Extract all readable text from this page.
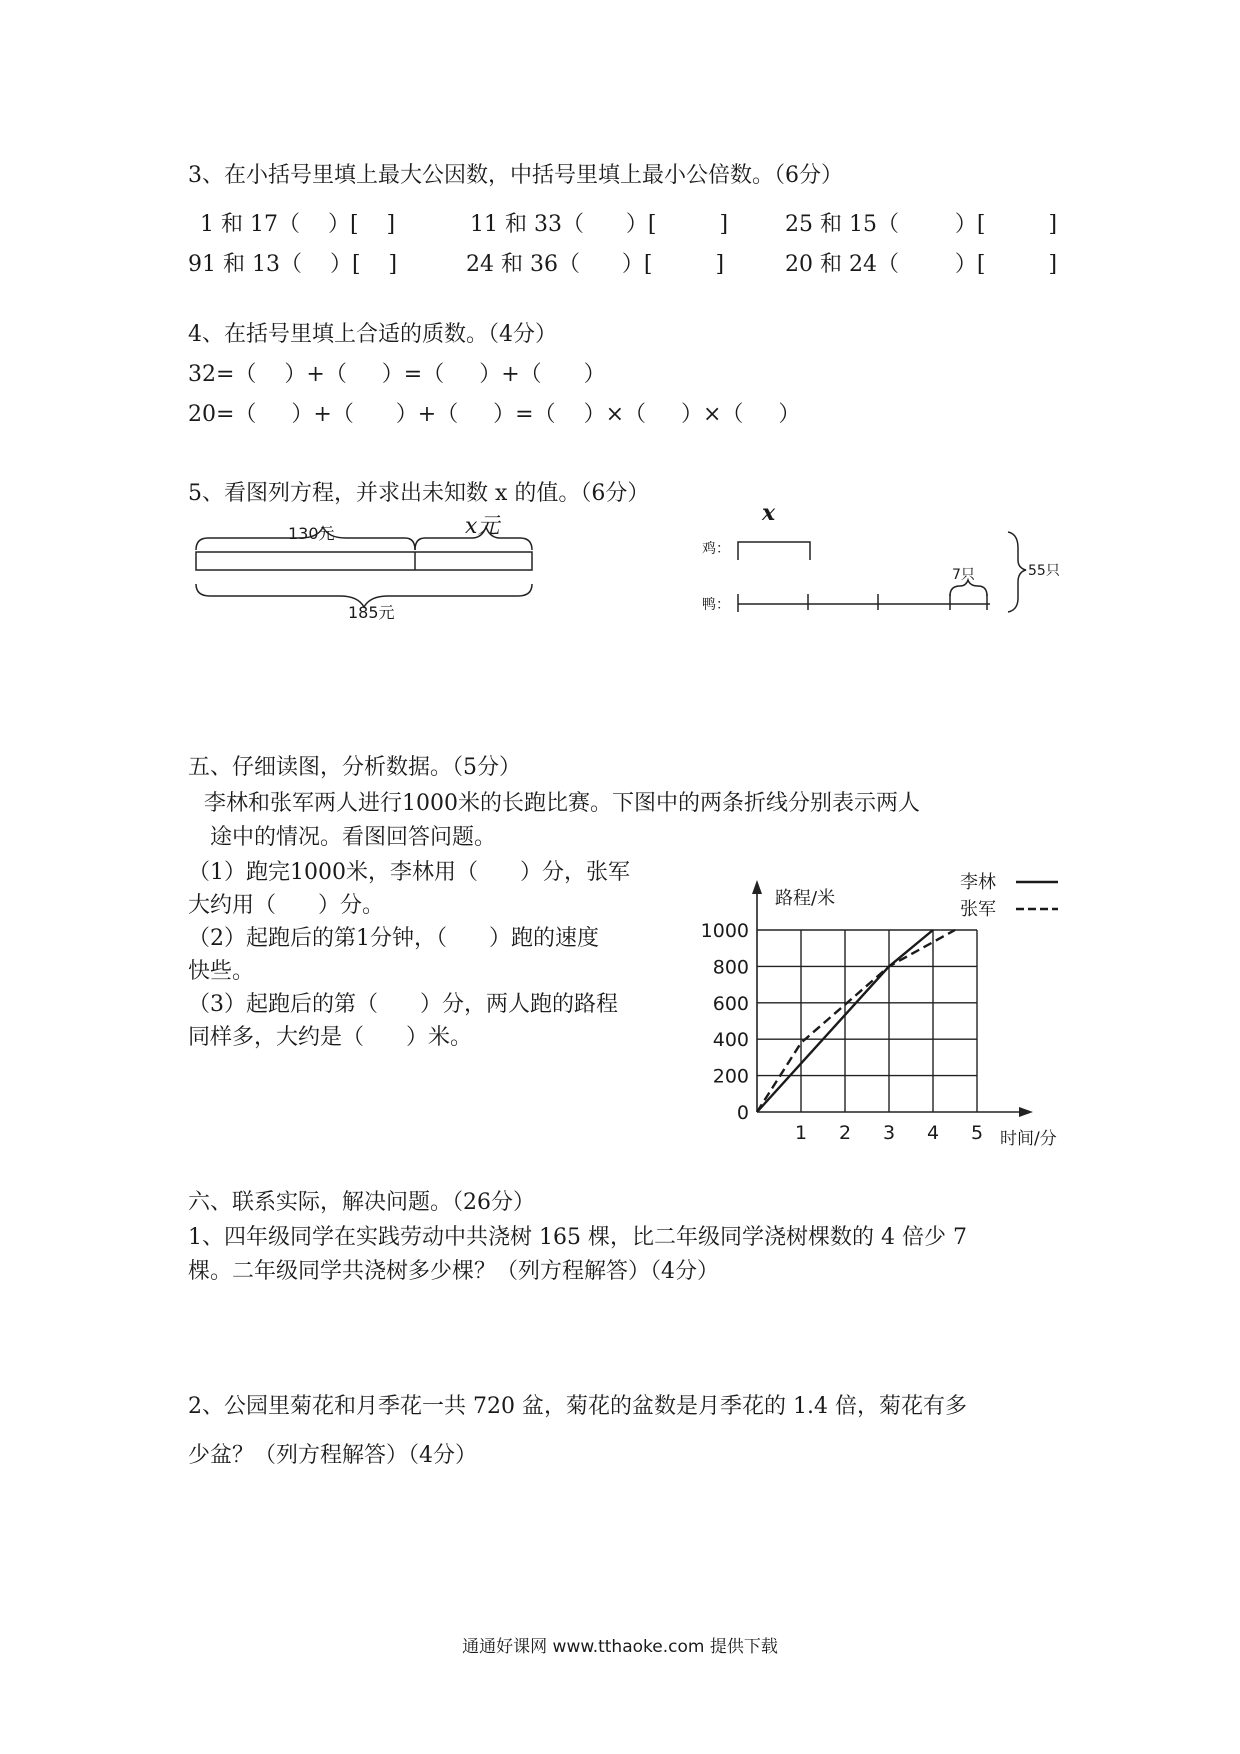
3、在小括号里填上最大公因数，中括号里填上最小公倍数。（6分）
1 和 17（    ）[    ]	11 和 33（      ）[         ]	25 和 15（        ）[         ]
91 和 13（    ）[    ]	24 和 36（      ）[         ]	20 和 24（        ）[         ]
4、在括号里填上合适的质数。（4分）
32=（    ）+（     ）=（     ）+（      ）
20=（     ）+（      ）+（     ）=（    ）×（     ）×（     ）
5、看图列方程，并求出未知数 x 的值。（6分）
130元	x元
185元
x
鸡：
鸭：
7只	55只
五、仔细读图，分析数据。（5分）
李林和张军两人进行1000米的长跑比赛。下图中的两条折线分别表示两人
途中的情况。看图回答问题。
（1）跑完1000米，李林用（      ）分，张军
大约用（      ）分。
（2）起跑后的第1分钟，（      ）跑的速度
快些。
（3）起跑后的第（      ）分，两人跑的路程
同样多，大约是（      ）米。
0
200
400
600
800
1000
1 2 3 4 5
路程/米
时间/分
李林
张军
六、联系实际，解决问题。（26分）
1、四年级同学在实践劳动中共浇树 165 棵，比二年级同学浇树棵数的 4 倍少 7
棵。二年级同学共浇树多少棵？（列方程解答）（4分）
2、公园里菊花和月季花一共 720 盆，菊花的盆数是月季花的 1.4 倍，菊花有多
少盆？（列方程解答）（4分）
通通好课网 www.tthaoke.com 提供下载
